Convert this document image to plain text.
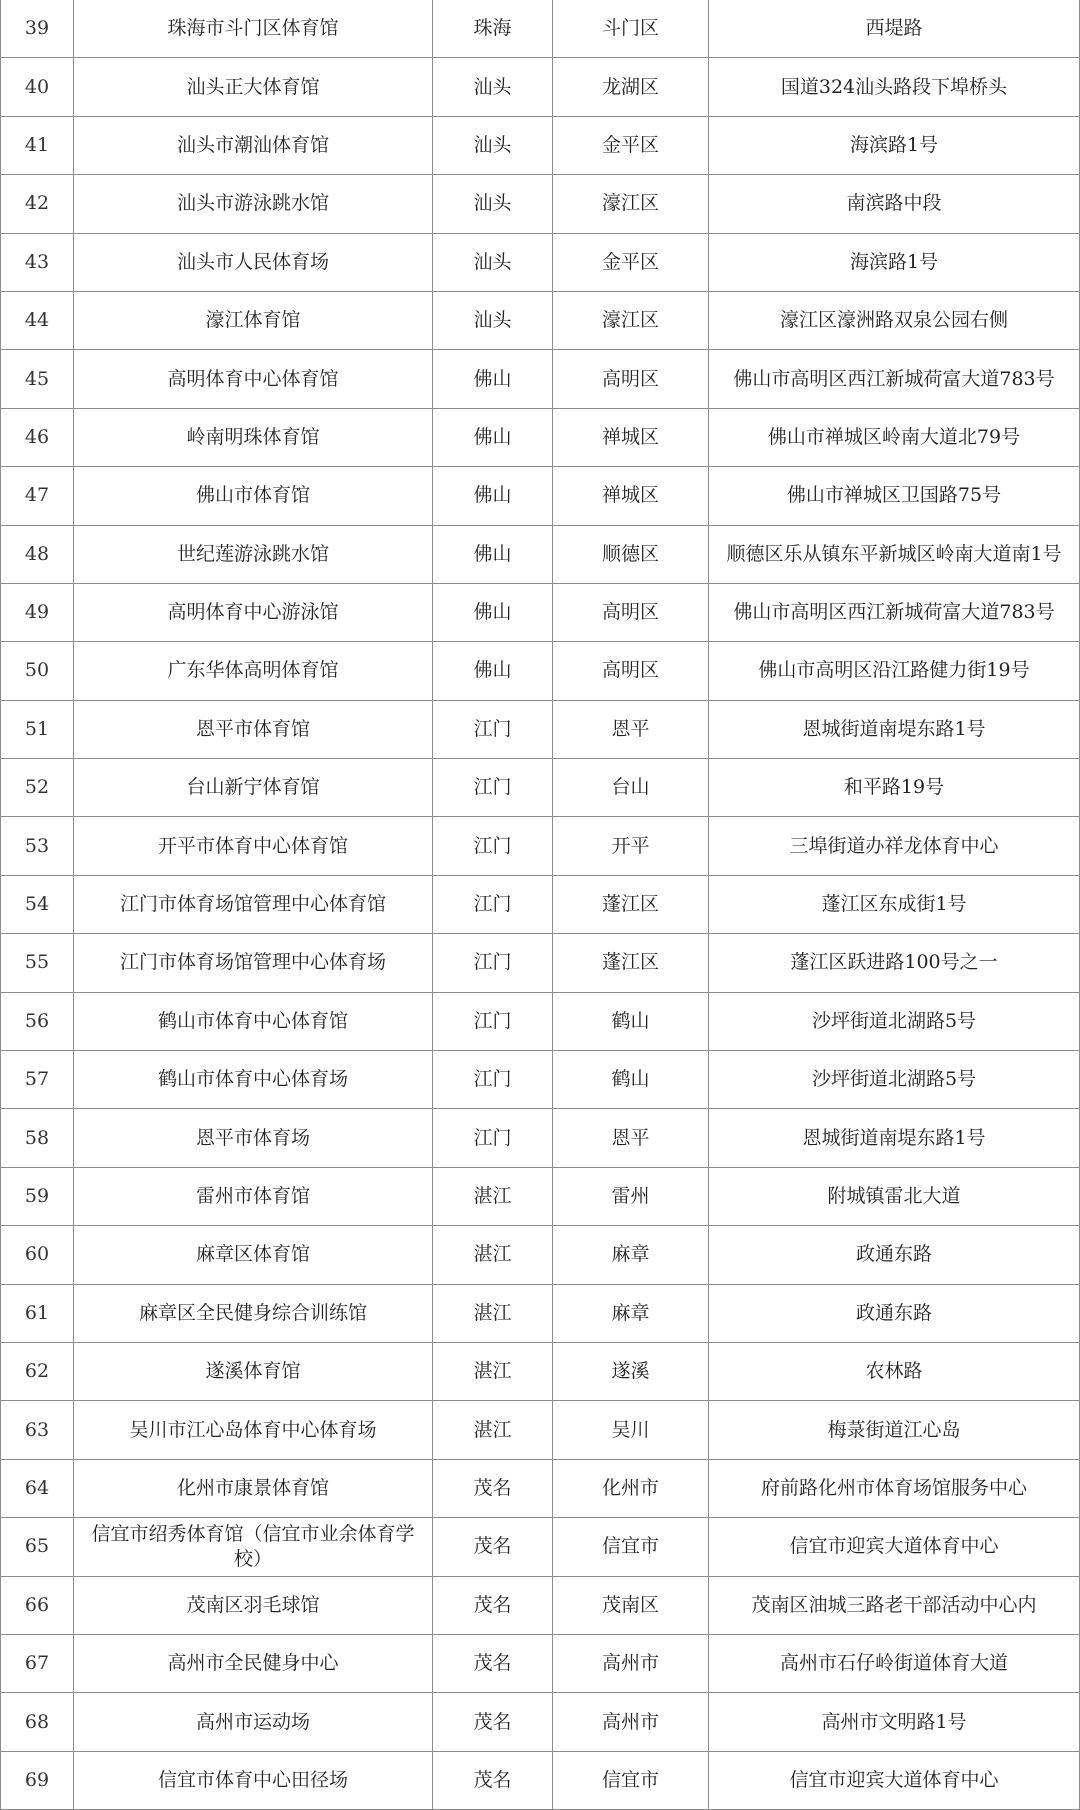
39	珠海市斗门区体育馆	珠海	斗门区	西堤路
40	汕头正大体育馆	汕头	龙湖区	国道324汕头路段下埠桥头
41	汕头市潮汕体育馆	汕头	金平区	海滨路1号
42	汕头市游泳跳水馆	汕头	濠江区	南滨路中段
43	汕头市人民体育场	汕头	金平区	海滨路1号
44	濠江体育馆	汕头	濠江区	濠江区濠洲路双泉公园右侧
45	高明体育中心体育馆	佛山	高明区	佛山市高明区西江新城荷富大道783号
46	岭南明珠体育馆	佛山	禅城区	佛山市禅城区岭南大道北79号
47	佛山市体育馆	佛山	禅城区	佛山市禅城区卫国路75号
48	世纪莲游泳跳水馆	佛山	顺德区	顺德区乐从镇东平新城区岭南大道南1号
49	高明体育中心游泳馆	佛山	高明区	佛山市高明区西江新城荷富大道783号
50	广东华体高明体育馆	佛山	高明区	佛山市高明区沿江路健力街19号
51	恩平市体育馆	江门	恩平	恩城街道南堤东路1号
52	台山新宁体育馆	江门	台山	和平路19号
53	开平市体育中心体育馆	江门	开平	三埠街道办祥龙体育中心
54	江门市体育场馆管理中心体育馆	江门	蓬江区	蓬江区东成街1号
55	江门市体育场馆管理中心体育场	江门	蓬江区	蓬江区跃进路100号之一
56	鹤山市体育中心体育馆	江门	鹤山	沙坪街道北湖路5号
57	鹤山市体育中心体育场	江门	鹤山	沙坪街道北湖路5号
58	恩平市体育场	江门	恩平	恩城街道南堤东路1号
59	雷州市体育馆	湛江	雷州	附城镇雷北大道
60	麻章区体育馆	湛江	麻章	政通东路
61	麻章区全民健身综合训练馆	湛江	麻章	政通东路
62	遂溪体育馆	湛江	遂溪	农林路
63	吴川市江心岛体育中心体育场	湛江	吴川	梅菉街道江心岛
64	化州市康景体育馆	茂名	化州市	府前路化州市体育场馆服务中心
65	信宜市绍秀体育馆（信宜市业余体育学校）	茂名	信宜市	信宜市迎宾大道体育中心
66	茂南区羽毛球馆	茂名	茂南区	茂南区油城三路老干部活动中心内
67	高州市全民健身中心	茂名	高州市	高州市石仔岭街道体育大道
68	高州市运动场	茂名	高州市	高州市文明路1号
69	信宜市体育中心田径场	茂名	信宜市	信宜市迎宾大道体育中心
